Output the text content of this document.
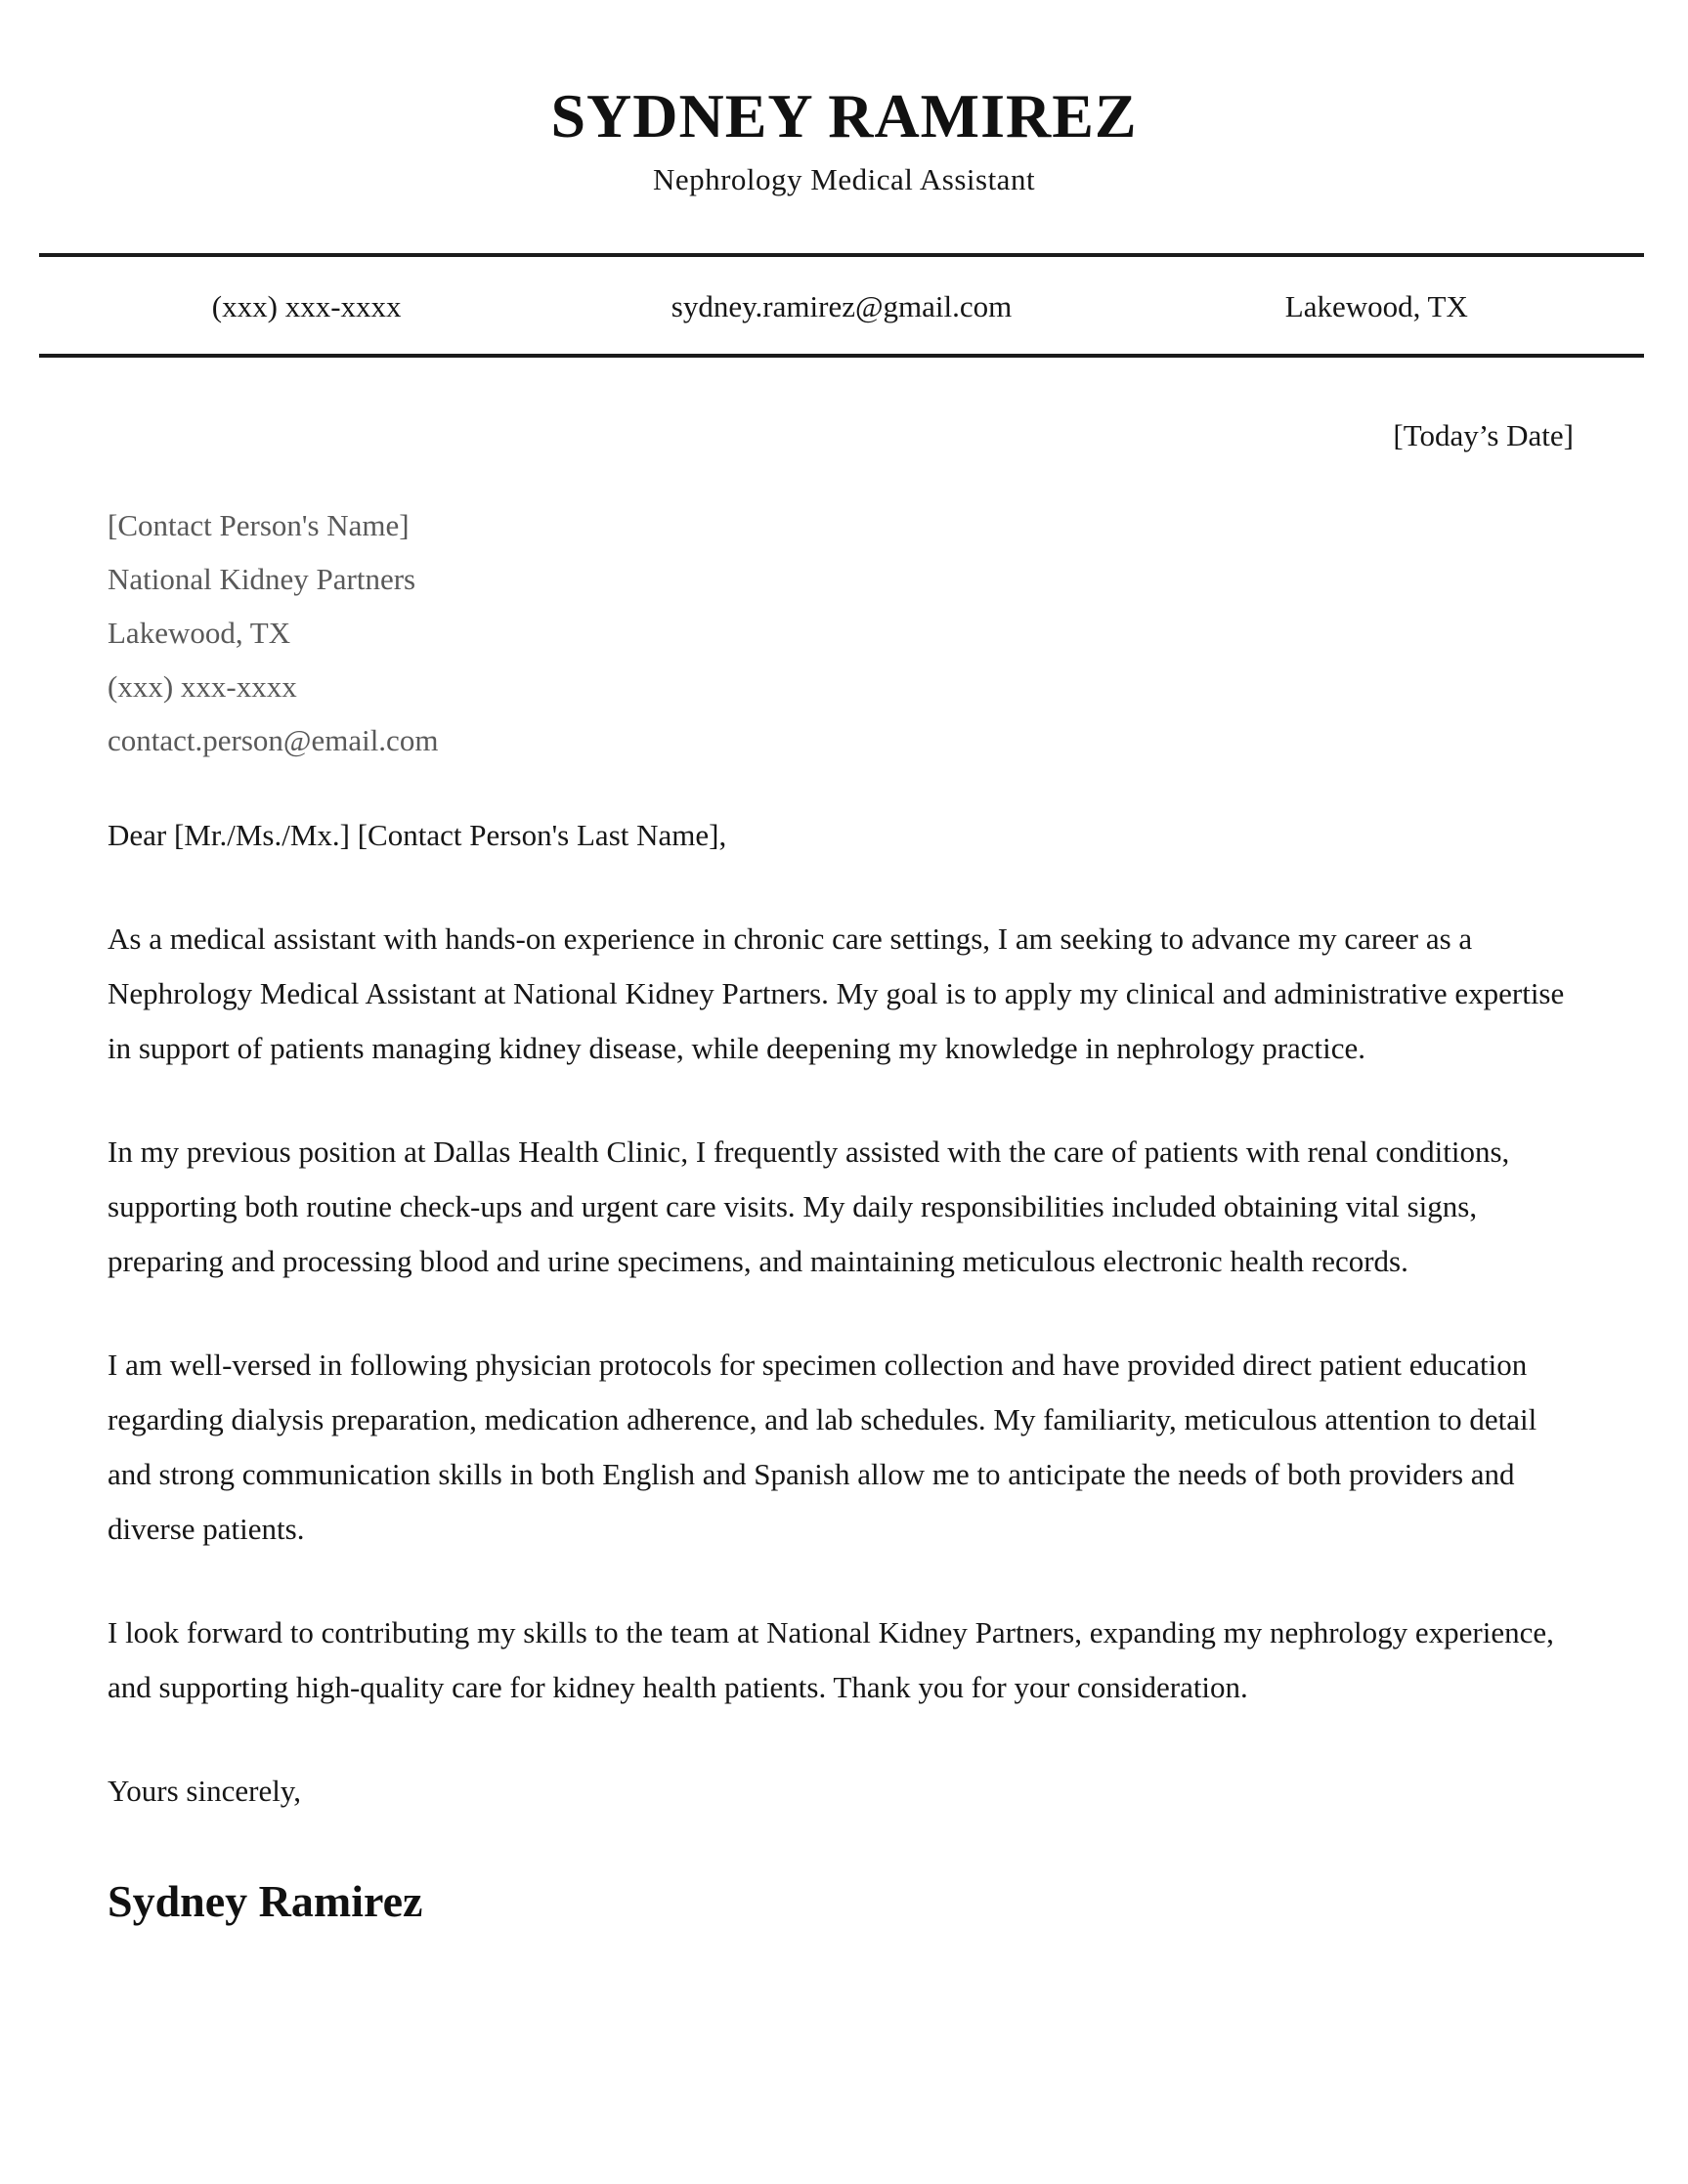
SYDNEY RAMIREZ
Nephrology Medical Assistant
(xxx) xxx-xxxx	sydney.ramirez@gmail.com	Lakewood, TX
[Today’s Date]
[Contact Person's Name]
National Kidney Partners
Lakewood, TX
(xxx) xxx-xxxx
contact.person@email.com

Dear [Mr./Ms./Mx.] [Contact Person's Last Name],

As a medical assistant with hands-on experience in chronic care settings, I am seeking to advance my career as a Nephrology Medical Assistant at National Kidney Partners. My goal is to apply my clinical and administrative expertise in support of patients managing kidney disease, while deepening my knowledge in nephrology practice.

In my previous position at Dallas Health Clinic, I frequently assisted with the care of patients with renal conditions, supporting both routine check-ups and urgent care visits. My daily responsibilities included obtaining vital signs, preparing and processing blood and urine specimens, and maintaining meticulous electronic health records.

I am well-versed in following physician protocols for specimen collection and have provided direct patient education regarding dialysis preparation, medication adherence, and lab schedules. My familiarity, meticulous attention to detail and strong communication skills in both English and Spanish allow me to anticipate the needs of both providers and diverse patients.

I look forward to contributing my skills to the team at National Kidney Partners, expanding my nephrology experience, and supporting high-quality care for kidney health patients. Thank you for your consideration.

Yours sincerely,

Sydney Ramirez
